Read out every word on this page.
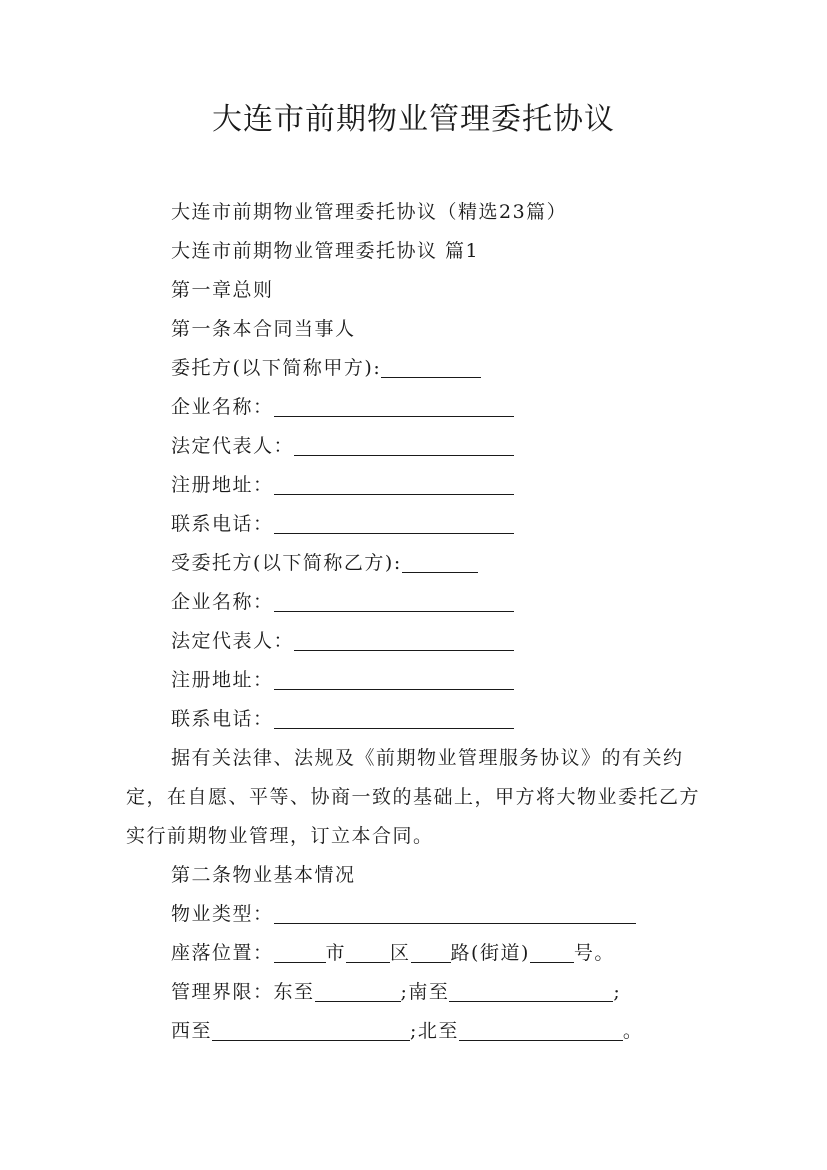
大连市前期物业管理委托协议
大连市前期物业管理委托协议（精选23篇）
大连市前期物业管理委托协议 篇1
第一章总则
第一条本合同当事人
委托方(以下简称甲方):
企业名称：
法定代表人：
注册地址：
联系电话：
受委托方(以下简称乙方):
企业名称：
法定代表人：
注册地址：
联系电话：
据有关法律、法规及《前期物业管理服务协议》的有关约定，在自愿、平等、协商一致的基础上，甲方将大物业委托乙方实行前期物业管理，订立本合同。
第二条物业基本情况
物业类型：
座落位置：	市 区 路(街道) 号。
管理界限：东至	;南至	;
西至	;北至	。
